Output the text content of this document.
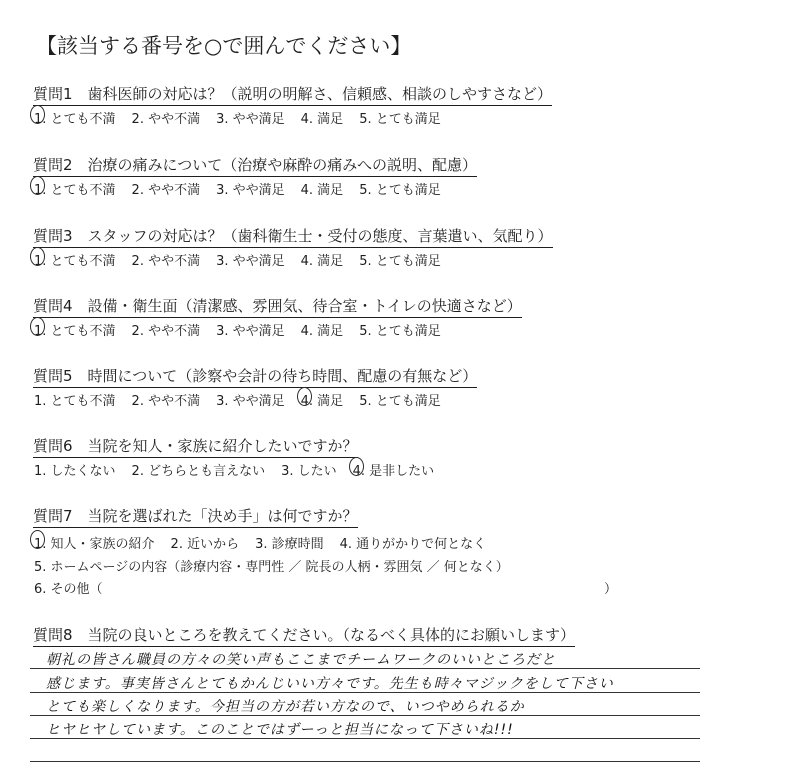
【該当する番号を○で囲んでください】
質問1　歯科医師の対応は？（説明の明解さ、信頼感、相談のしやすさなど）
1. とても不満 2. やや不満 3. やや満足 4. 満足 5. とても満足
質問2　治療の痛みについて（治療や麻酔の痛みへの説明、配慮）
1. とても不満 2. やや不満 3. やや満足 4. 満足 5. とても満足
質問3　スタッフの対応は？（歯科衛生士・受付の態度、言葉遣い、気配り）
1. とても不満 2. やや不満 3. やや満足 4. 満足 5. とても満足
質問4　設備・衛生面（清潔感、雰囲気、待合室・トイレの快適さなど）
1. とても不満 2. やや不満 3. やや満足 4. 満足 5. とても満足
質問5　時間について（診察や会計の待ち時間、配慮の有無など）
1. とても不満 2. やや不満 3. やや満足 4. 満足 5. とても満足
質問6　当院を知人・家族に紹介したいですか？
1. したくない 2. どちらとも言えない 3. したい 4. 是非したい
質問7　当院を選ばれた「決め手」は何ですか？
1. 知人・家族の紹介 2. 近いから 3. 診療時間 4. 通りがかりで何となく
5. ホームページの内容（診療内容・専門性 ／ 院長の人柄・雰囲気 ／ 何となく）
6. その他（	）
質問8　当院の良いところを教えてください。（なるべく具体的にお願いします）
朝礼の皆さん職員の方々の笑い声もここまでチームワークのいいところだと
感じます。事実皆さんとてもかんじいい方々です。先生も時々マジックをして下さい
とても楽しくなります。今担当の方が若い方なので、いつやめられるか
ヒヤヒヤしています。このことではずーっと担当になって下さいね!!!
